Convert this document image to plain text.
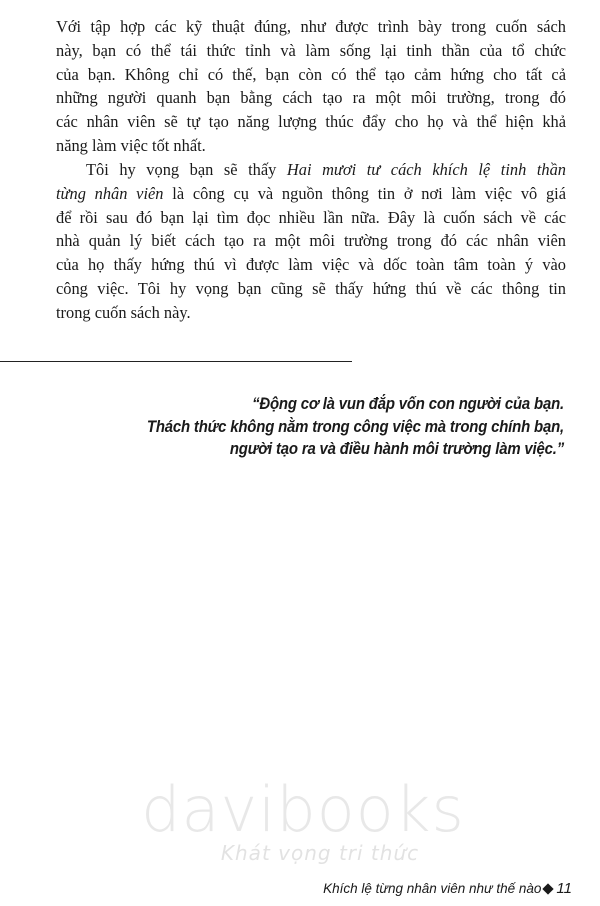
Với tập hợp các kỹ thuật đúng, như được trình bày trong cuốn sách
này, bạn có thể tái thức tỉnh và làm sống lại tinh thần của tổ chức
của bạn. Không chỉ có thế, bạn còn có thể tạo cảm hứng cho tất cả
những người quanh bạn bằng cách tạo ra một môi trường, trong đó
các nhân viên sẽ tự tạo năng lượng thúc đẩy cho họ và thể hiện khả
năng làm việc tốt nhất.
Tôi hy vọng bạn sẽ thấy Hai mươi tư cách khích lệ tinh thần
từng nhân viên là công cụ và nguồn thông tin ở nơi làm việc vô giá
để rồi sau đó bạn lại tìm đọc nhiều lần nữa. Đây là cuốn sách về các
nhà quản lý biết cách tạo ra một môi trường trong đó các nhân viên
của họ thấy hứng thú vì được làm việc và dốc toàn tâm toàn ý vào
công việc. Tôi hy vọng bạn cũng sẽ thấy hứng thú về các thông tin
trong cuốn sách này.
“Động cơ là vun đắp vốn con người của bạn.
Thách thức không nằm trong công việc mà trong chính bạn,
người tạo ra và điều hành môi trường làm việc.”
davibooks
Khát vọng tri thức
Khích lệ từng nhân viên như thế nào 11
